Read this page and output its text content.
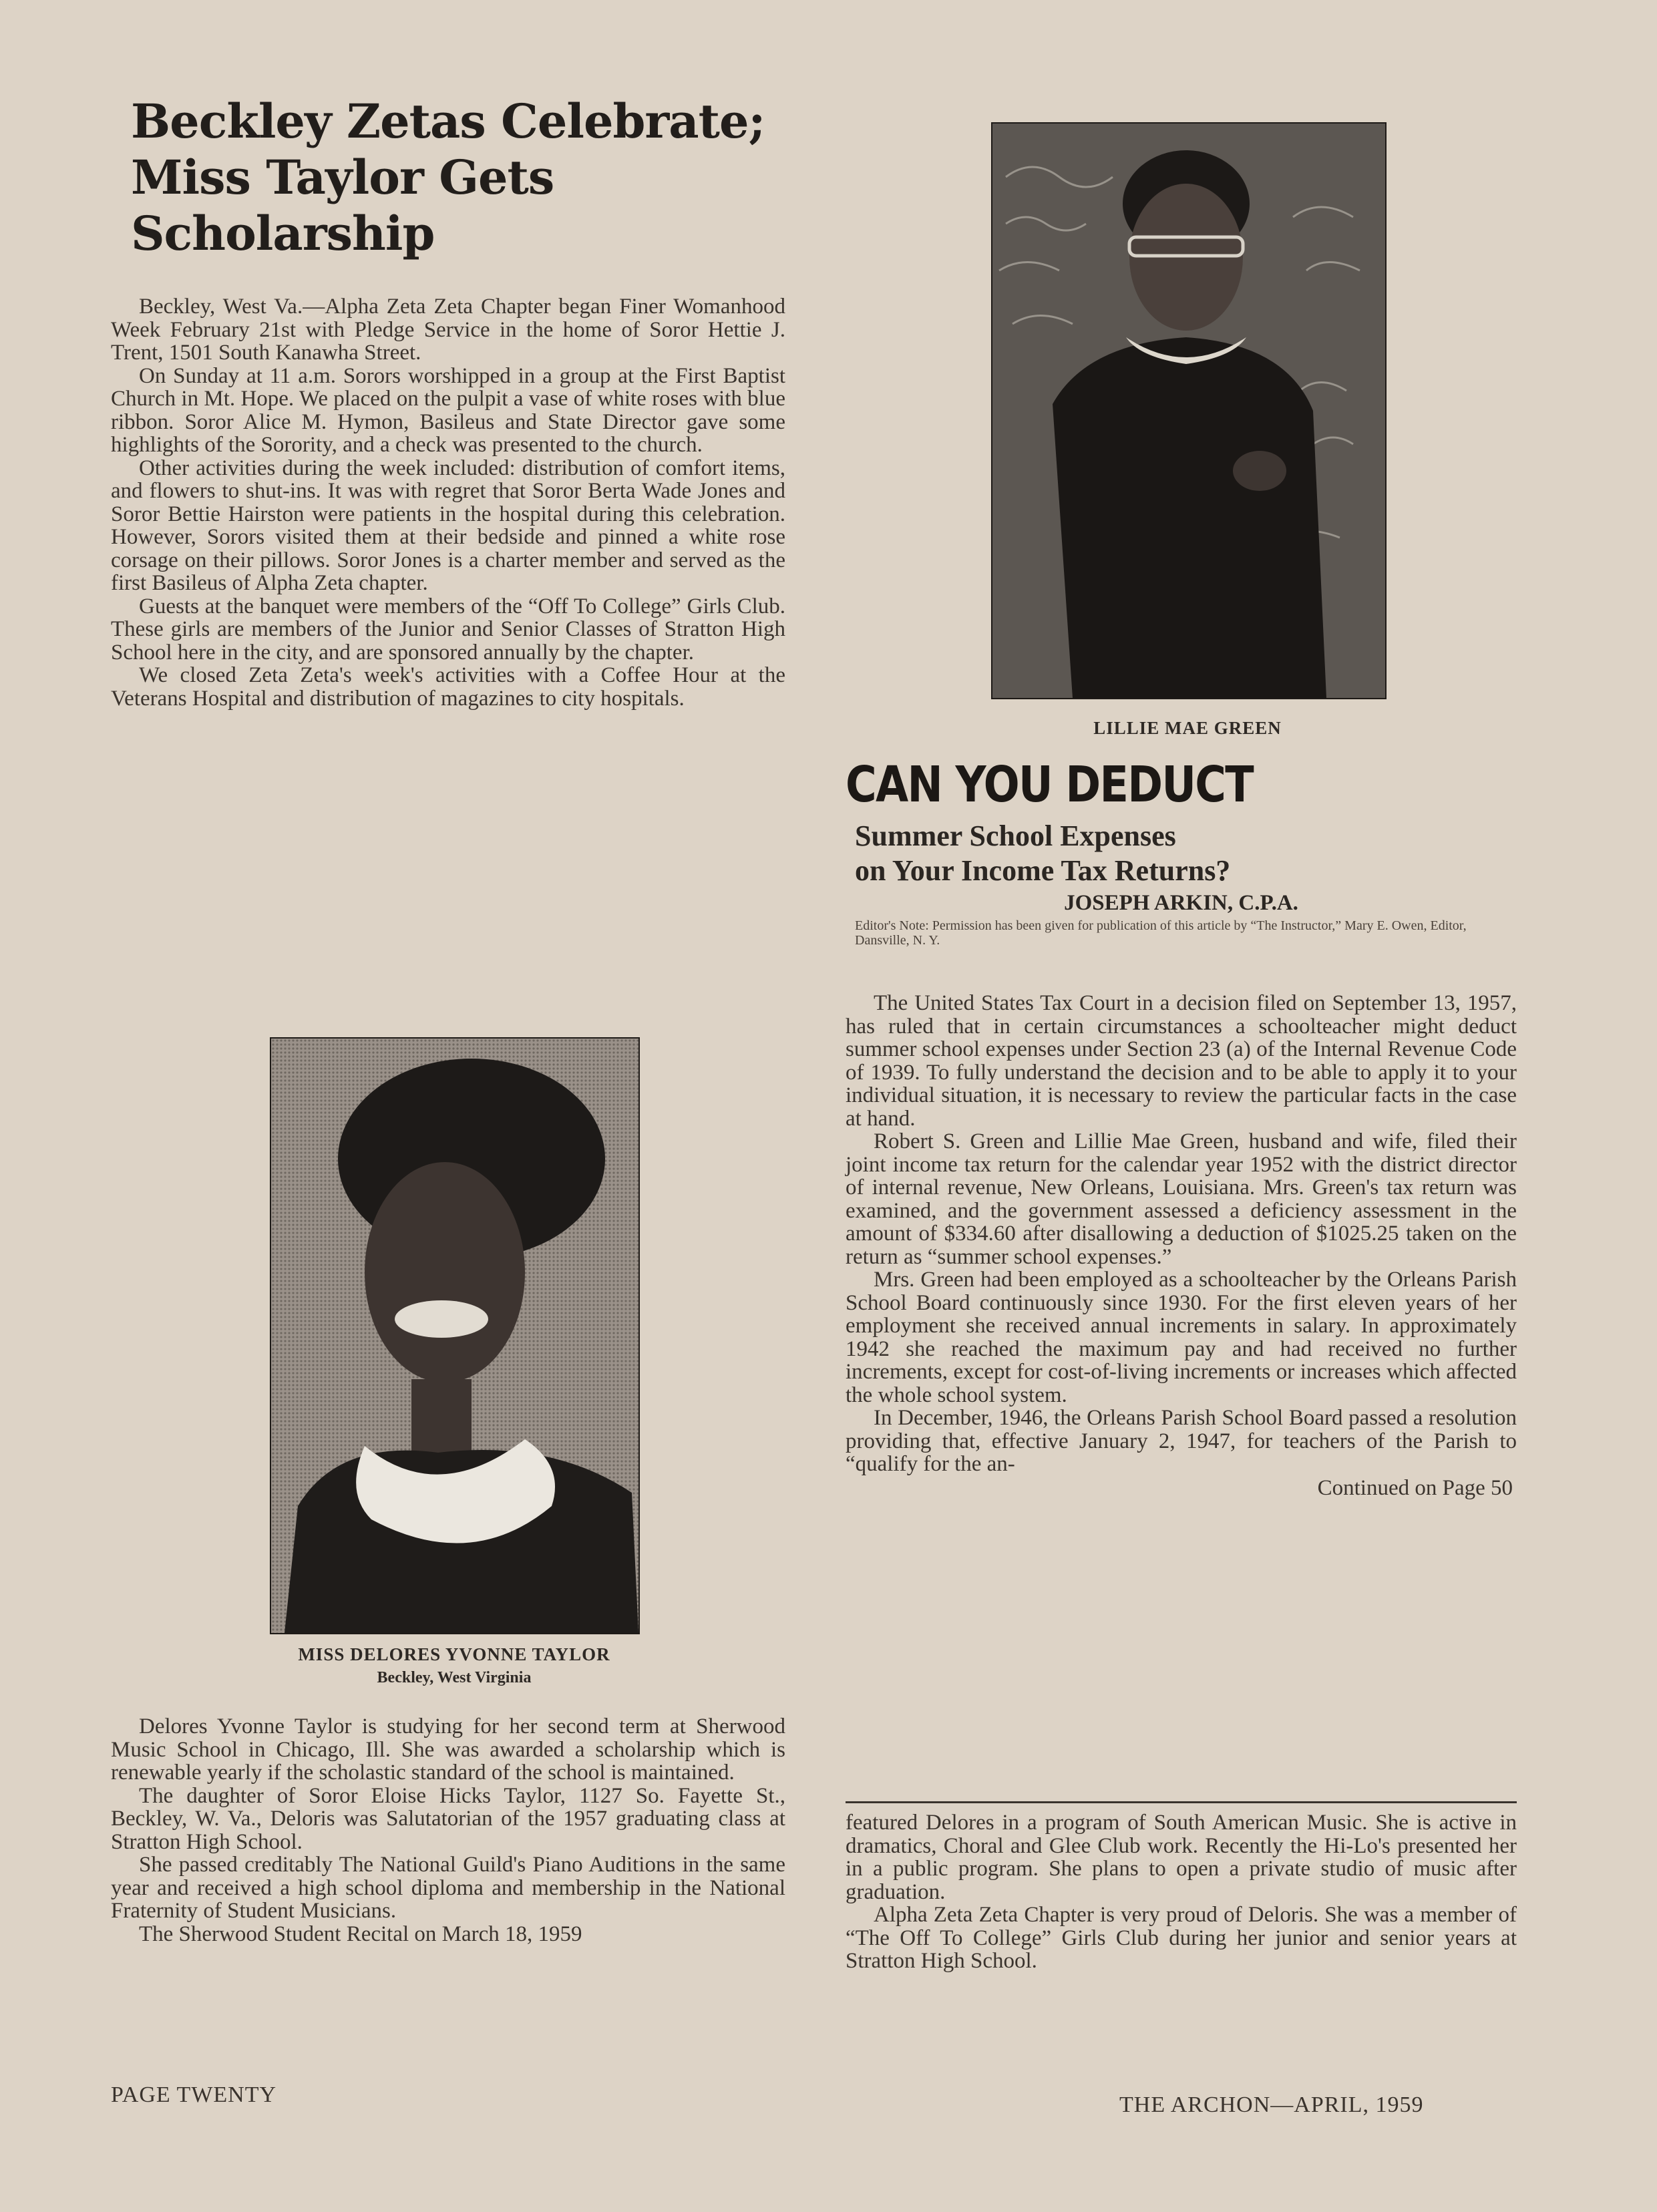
Beckley Zetas Celebrate;
Miss Taylor Gets Scholarship

Beckley, West Va.—Alpha Zeta Zeta Chapter began Finer Womanhood Week February 21st with Pledge Service in the home of Soror Hettie J. Trent, 1501 South Kanawha Street.

On Sunday at 11 a.m. Sorors worshipped in a group at the First Baptist Church in Mt. Hope. We placed on the pulpit a vase of white roses with blue ribbon. Soror Alice M. Hymon, Basileus and State Director gave some highlights of the Sorority, and a check was presented to the church.

Other activities during the week included: distribution of comfort items, and flowers to shut-ins. It was with regret that Soror Berta Wade Jones and Soror Bettie Hairston were patients in the hospital during this celebration. However, Sorors visited them at their bedside and pinned a white rose corsage on their pillows. Soror Jones is a charter member and served as the first Basileus of Alpha Zeta chapter.

Guests at the banquet were members of the “Off To College” Girls Club. These girls are members of the Junior and Senior Classes of Stratton High School here in the city, and are sponsored annually by the chapter.

We closed Zeta Zeta's week's activities with a Coffee Hour at the Veterans Hospital and distribution of magazines to city hospitals.

MISS DELORES YVONNE TAYLOR
Beckley, West Virginia

Delores Yvonne Taylor is studying for her second term at Sherwood Music School in Chicago, Ill. She was awarded a scholarship which is renewable yearly if the scholastic standard of the school is maintained.

The daughter of Soror Eloise Hicks Taylor, 1127 So. Fayette St., Beckley, W. Va., Deloris was Salutatorian of the 1957 graduating class at Stratton High School.

She passed creditably The National Guild's Piano Auditions in the same year and received a high school diploma and membership in the National Fraternity of Student Musicians.

The Sherwood Student Recital on March 18, 1959

LILLIE MAE GREEN
CAN YOU DEDUCT
Summer School Expenses
on Your Income Tax Returns?
JOSEPH ARKIN, C.P.A.
Editor's Note: Permission has been given for publication of this article by “The Instructor,” Mary E. Owen, Editor, Dansville, N. Y.

The United States Tax Court in a decision filed on September 13, 1957, has ruled that in certain circumstances a schoolteacher might deduct summer school expenses under Section 23 (a) of the Internal Revenue Code of 1939. To fully understand the decision and to be able to apply it to your individual situation, it is necessary to review the particular facts in the case at hand.

Robert S. Green and Lillie Mae Green, husband and wife, filed their joint income tax return for the calendar year 1952 with the district director of internal revenue, New Orleans, Louisiana. Mrs. Green's tax return was examined, and the government assessed a deficiency assessment in the amount of $334.60 after disallowing a deduction of $1025.25 taken on the return as “summer school expenses.”

Mrs. Green had been employed as a schoolteacher by the Orleans Parish School Board continuously since 1930. For the first eleven years of her employment she received annual increments in salary. In approximately 1942 she reached the maximum pay and had received no further increments, except for cost-of-living increments or increases which affected the whole school system.

In December, 1946, the Orleans Parish School Board passed a resolution providing that, effective January 2, 1947, for teachers of the Parish to “qualify for the an-

Continued on Page 50

featured Delores in a program of South American Music. She is active in dramatics, Choral and Glee Club work. Recently the Hi-Lo's presented her in a public program. She plans to open a private studio of music after graduation.

Alpha Zeta Zeta Chapter is very proud of Deloris. She was a member of “The Off To College” Girls Club during her junior and senior years at Stratton High School.

PAGE TWENTY	THE ARCHON—APRIL, 1959
